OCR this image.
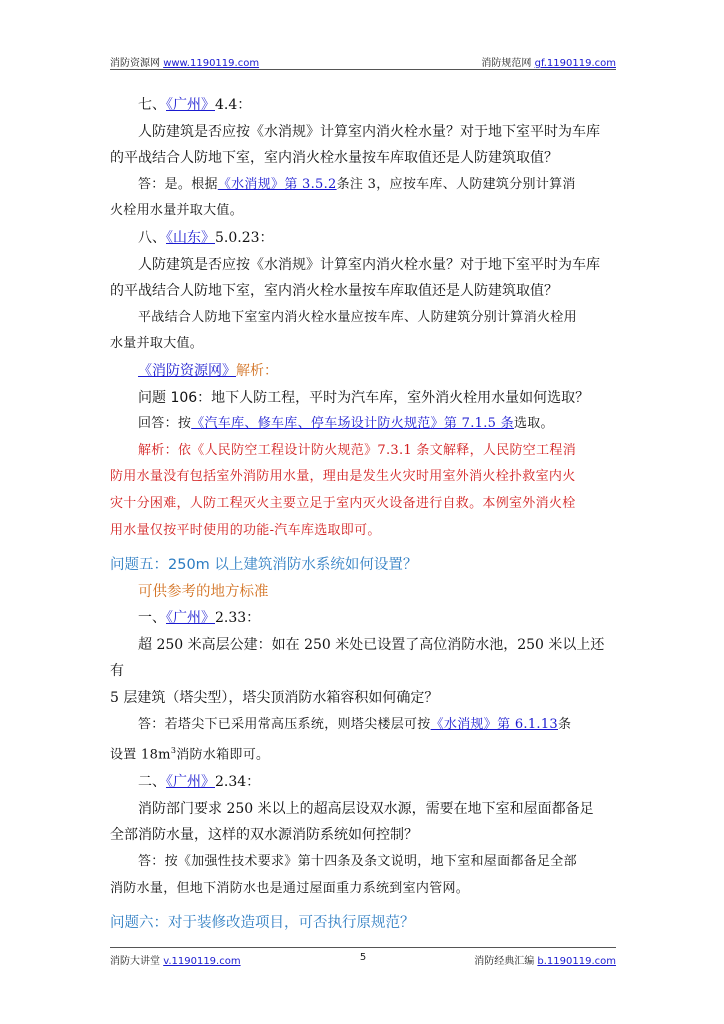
消防资源网 www.1190119.com	消防规范网 gf.1190119.com

七、《广州》4.4：

人防建筑是否应按《水消规》计算室内消火栓水量？对于地下室平时为车库

的平战结合人防地下室，室内消火栓水量按车库取值还是人防建筑取值？

答：是。根据《水消规》第 3.5.2条注 3，应按车库、人防建筑分别计算消

火栓用水量并取大值。

八、《山东》5.0.23：

人防建筑是否应按《水消规》计算室内消火栓水量？对于地下室平时为车库

的平战结合人防地下室，室内消火栓水量按车库取值还是人防建筑取值？

平战结合人防地下室室内消火栓水量应按车库、人防建筑分别计算消火栓用

水量并取大值。

《消防资源网》解析：

问题 106：地下人防工程，平时为汽车库，室外消火栓用水量如何选取？

回答：按《汽车库、修车库、停车场设计防火规范》第 7.1.5 条选取。

解析：依《人民防空工程设计防火规范》7.3.1 条文解释，人民防空工程消

防用水量没有包括室外消防用水量，理由是发生火灾时用室外消火栓扑救室内火

灾十分困难，人防工程灭火主要立足于室内灭火设备进行自救。本例室外消火栓

用水量仅按平时使用的功能-汽车库选取即可。

问题五：250m 以上建筑消防水系统如何设置？

可供参考的地方标准

一、《广州》2.33：

超 250 米高层公建：如在 250 米处已设置了高位消防水池，250 米以上还有

5 层建筑（塔尖型），塔尖顶消防水箱容积如何确定？

答：若塔尖下已采用常高压系统，则塔尖楼层可按《水消规》第 6.1.13条

设置 $18m^3$消防水箱即可。

二、《广州》2.34：

消防部门要求 250 米以上的超高层设双水源，需要在地下室和屋面都备足

全部消防水量，这样的双水源消防系统如何控制？

答：按《加强性技术要求》第十四条及条文说明，地下室和屋面都备足全部

消防水量，但地下消防水也是通过屋面重力系统到室内管网。

问题六：对于装修改造项目，可否执行原规范？

消防大讲堂 v.1190119.com	5	消防经典汇编 b.1190119.com
